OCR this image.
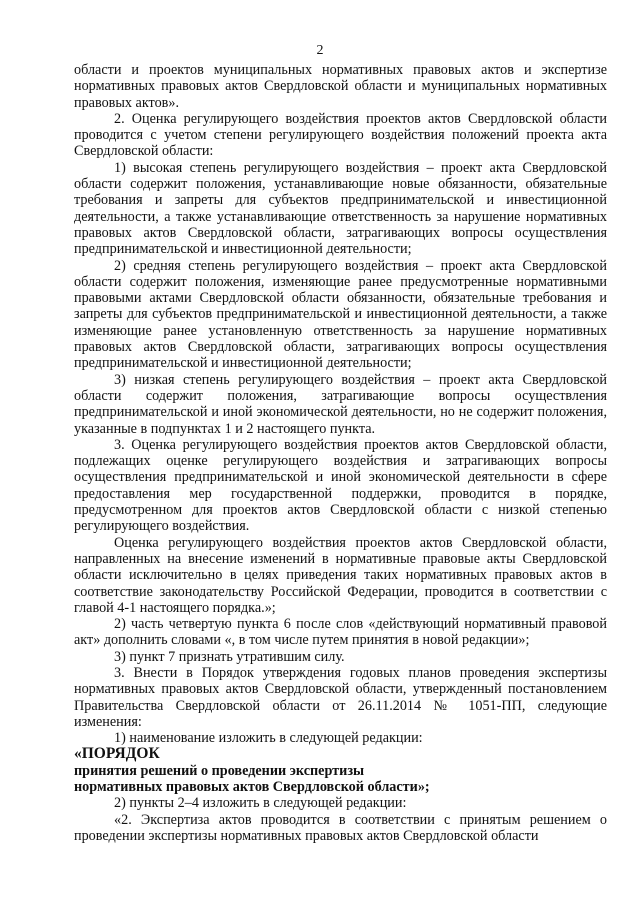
2

области и проектов муниципальных нормативных правовых актов и экспертизе нормативных правовых актов Свердловской области и муниципальных нормативных правовых актов».

2. Оценка регулирующего воздействия проектов актов Свердловской области проводится с учетом степени регулирующего воздействия положений проекта акта Свердловской области:

1) высокая степень регулирующего воздействия – проект акта Свердловской области содержит положения, устанавливающие новые обязанности, обязательные требования и запреты для субъектов предпринимательской и инвестиционной деятельности, а также устанавливающие ответственность за нарушение нормативных правовых актов Свердловской области, затрагивающих вопросы осуществления предпринимательской и инвестиционной деятельности;

2) средняя степень регулирующего воздействия – проект акта Свердловской области содержит положения, изменяющие ранее предусмотренные нормативными правовыми актами Свердловской области обязанности, обязательные требования и запреты для субъектов предпринимательской и инвестиционной деятельности, а также изменяющие ранее установленную ответственность за нарушение нормативных правовых актов Свердловской области, затрагивающих вопросы осуществления предпринимательской и инвестиционной деятельности;

3) низкая степень регулирующего воздействия – проект акта Свердловской области содержит положения, затрагивающие вопросы осуществления предпринимательской и иной экономической деятельности, но не содержит положения, указанные в подпунктах 1 и 2 настоящего пункта.

3. Оценка регулирующего воздействия проектов актов Свердловской области, подлежащих оценке регулирующего воздействия и затрагивающих вопросы осуществления предпринимательской и иной экономической деятельности в сфере предоставления мер государственной поддержки, проводится в порядке, предусмотренном для проектов актов Свердловской области с низкой степенью регулирующего воздействия.

Оценка регулирующего воздействия проектов актов Свердловской области, направленных на внесение изменений в нормативные правовые акты Свердловской области исключительно в целях приведения таких нормативных правовых актов в соответствие законодательству Российской Федерации, проводится в соответствии с главой 4-1 настоящего порядка.»;

2) часть четвертую пункта 6 после слов «действующий нормативный правовой акт» дополнить словами «, в том числе путем принятия в новой редакции»;

3) пункт 7 признать утратившим силу.

3. Внести в Порядок утверждения годовых планов проведения экспертизы нормативных правовых актов Свердловской области, утвержденный постановлением Правительства Свердловской области от 26.11.2014 № 1051-ПП, следующие изменения:

1) наименование изложить в следующей редакции:

«ПОРЯДОК

принятия решений о проведении экспертизы

нормативных правовых актов Свердловской области»;

2) пункты 2–4 изложить в следующей редакции:

«2. Экспертиза актов проводится в соответствии с принятым решением о проведении экспертизы нормативных правовых актов Свердловской области
